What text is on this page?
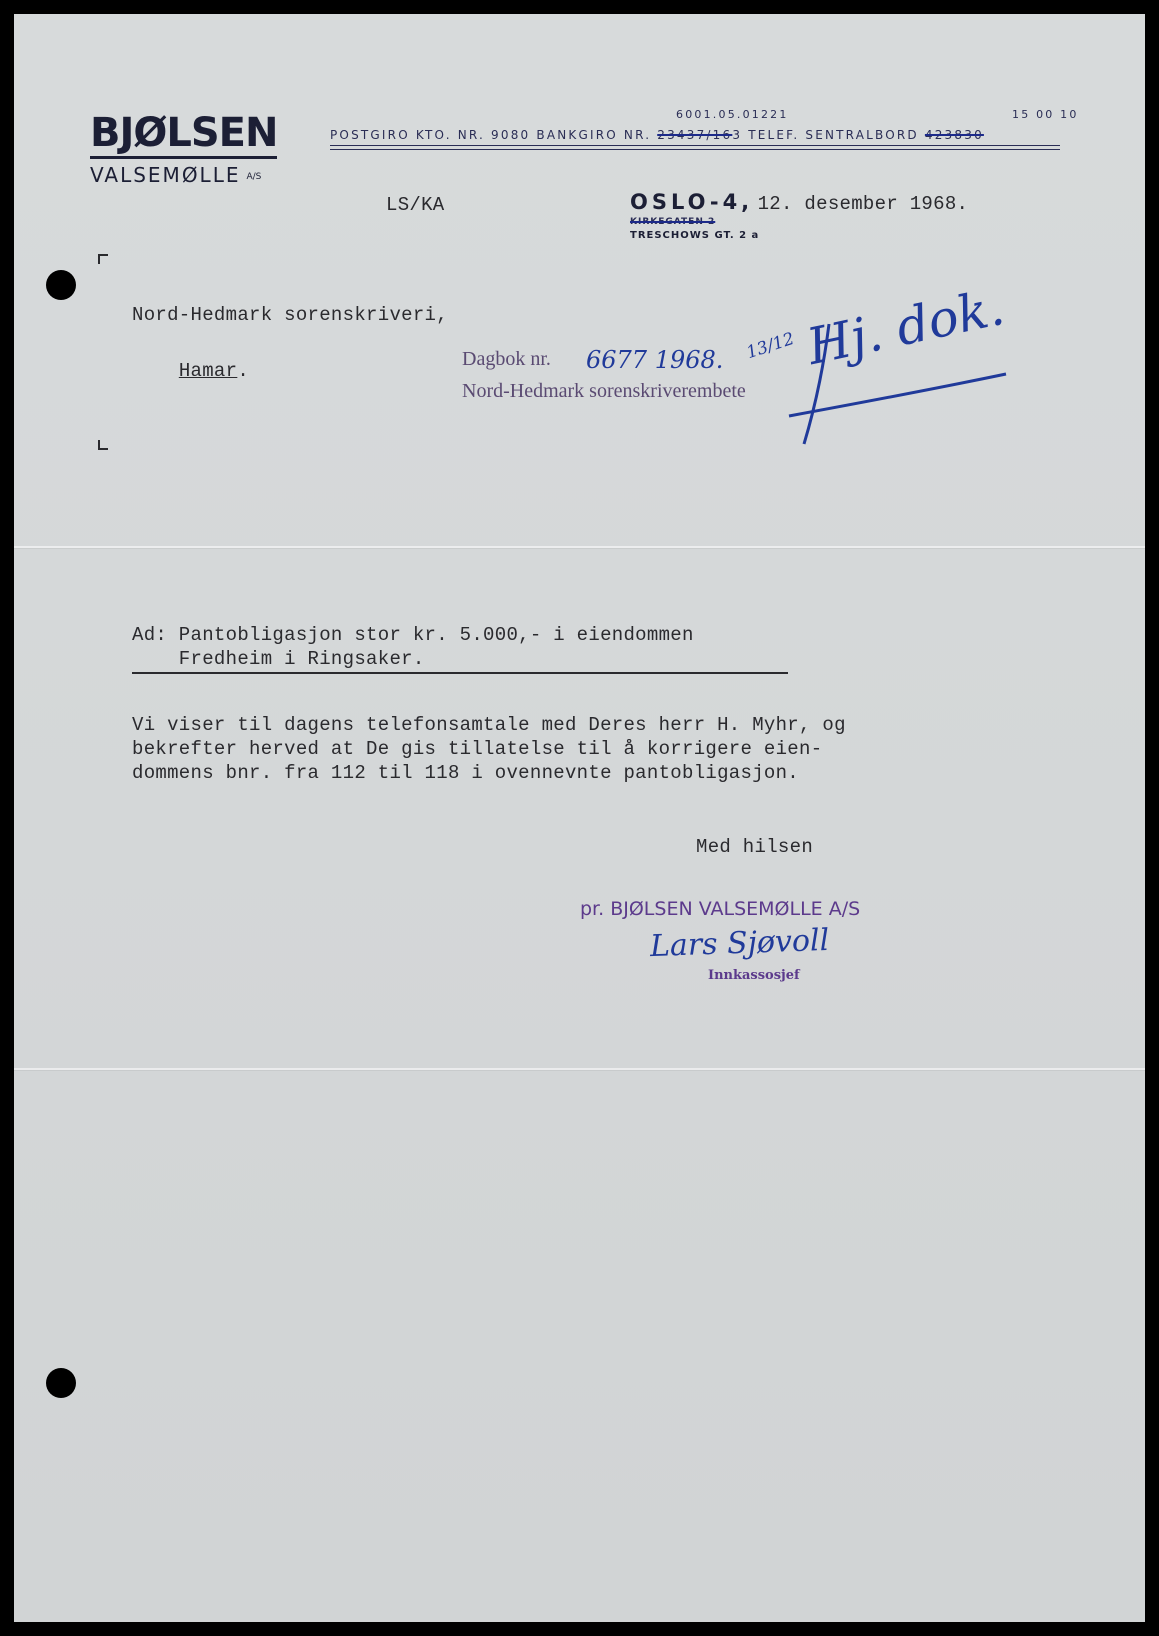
BJØLSEN
VALSEMØLLE A/S
6001.05.01221	15 00 10
POSTGIRO KTO. NR. 9080 BANKGIRO NR. 23437/163 TELEF. SENTRALBORD 423830
LS/KA	OSLO-4, 12. desember 1968.
KIRKEGATEN 2
TRESCHOWS GT. 2 a
Nord-Hedmark sorenskriveri,

Hamar.

Dagbok nr. 6677 1968. 13/12
Nord-Hedmark sorenskriverembete
Hj. dok.
Ad: Pantobligasjon stor kr. 5.000,- i eiendommen
Fredheim i Ringsaker.
Vi viser til dagens telefonsamtale med Deres herr H. Myhr, og
bekrefter herved at De gis tillatelse til å korrigere eien-
dommens bnr. fra 112 til 118 i ovennevnte pantobligasjon.
Med hilsen
pr. BJØLSEN VALSEMØLLE A/S
Lars Sjøvoll
Innkassosjef
